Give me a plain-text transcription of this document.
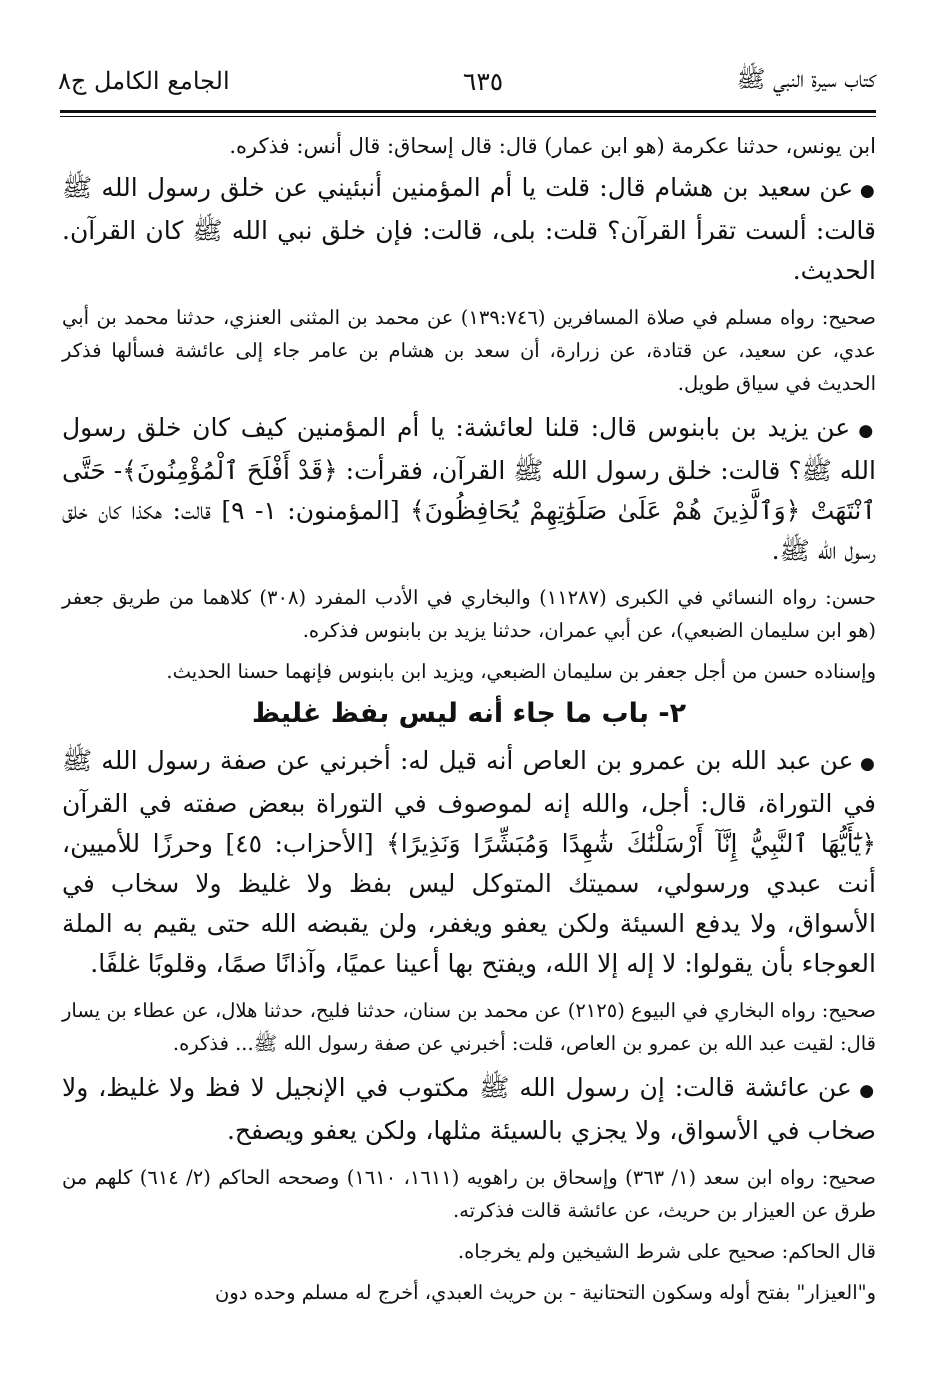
كتاب سيرة النبي ﷺ
٦٣٥
الجامع الكامل ج٨

ابن يونس، حدثنا عكرمة (هو ابن عمار) قال: قال إسحاق: قال أنس: فذكره.

● عن سعيد بن هشام قال: قلت يا أم المؤمنين أنبئيني عن خلق رسول الله ﷺ قالت: ألست تقرأ القرآن؟ قلت: بلى، قالت: فإن خلق نبي الله ﷺ كان القرآن. الحديث.

صحيح: رواه مسلم في صلاة المسافرين (١٣٩:٧٤٦) عن محمد بن المثنى العنزي، حدثنا محمد بن أبي عدي، عن سعيد، عن قتادة، عن زرارة، أن سعد بن هشام بن عامر جاء إلى عائشة فسألها فذكر الحديث في سياق طويل.

● عن يزيد بن بابنوس قال: قلنا لعائشة: يا أم المؤمنين كيف كان خلق رسول الله ﷺ؟ قالت: خلق رسول الله ﷺ القرآن، فقرأت: ﴿قَدْ أَفْلَحَ ٱلْمُؤْمِنُونَ﴾- حَتَّى ٱنْتَهَتْ ﴿وَٱلَّذِينَ هُمْ عَلَىٰ صَلَوَٰتِهِمْ يُحَافِظُونَ﴾ [المؤمنون: ١- ٩] قالت: هكذا كان خلق رسول الله ﷺ.

حسن: رواه النسائي في الكبرى (١١٢٨٧) والبخاري في الأدب المفرد (٣٠٨) كلاهما من طريق جعفر (هو ابن سليمان الضبعي)، عن أبي عمران، حدثنا يزيد بن بابنوس فذكره.

وإسناده حسن من أجل جعفر بن سليمان الضبعي، ويزيد ابن بابنوس فإنهما حسنا الحديث.

٢- باب ما جاء أنه ليس بفظ غليظ

● عن عبد الله بن عمرو بن العاص أنه قيل له: أخبرني عن صفة رسول الله ﷺ في التوراة، قال: أجل، والله إنه لموصوف في التوراة ببعض صفته في القرآن ﴿يَٰٓأَيُّهَا ٱلنَّبِيُّ إِنَّآ أَرْسَلْنَٰكَ شَٰهِدًا وَمُبَشِّرًا وَنَذِيرًا﴾ [الأحزاب: ٤٥] وحرزًا للأميين، أنت عبدي ورسولي، سميتك المتوكل ليس بفظ ولا غليظ ولا سخاب في الأسواق، ولا يدفع السيئة ولكن يعفو ويغفر، ولن يقبضه الله حتى يقيم به الملة العوجاء بأن يقولوا: لا إله إلا الله، ويفتح بها أعينا عميًا، وآذانًا صمًا، وقلوبًا غلفًا.

صحيح: رواه البخاري في البيوع (٢١٢٥) عن محمد بن سنان، حدثنا فليح، حدثنا هلال، عن عطاء بن يسار قال: لقيت عبد الله بن عمرو بن العاص، قلت: أخبرني عن صفة رسول الله ﷺ... فذكره.

● عن عائشة قالت: إن رسول الله ﷺ مكتوب في الإنجيل لا فظ ولا غليظ، ولا صخاب في الأسواق، ولا يجزي بالسيئة مثلها، ولكن يعفو ويصفح.

صحيح: رواه ابن سعد (١/ ٣٦٣) وإسحاق بن راهويه (١٦١١، ١٦١٠) وصححه الحاكم (٢/ ٦١٤) كلهم من طرق عن العيزار بن حريث، عن عائشة قالت فذكرته.

قال الحاكم: صحيح على شرط الشيخين ولم يخرجاه.

و"العيزار" بفتح أوله وسكون التحتانية - بن حريث العبدي، أخرج له مسلم وحده دون
